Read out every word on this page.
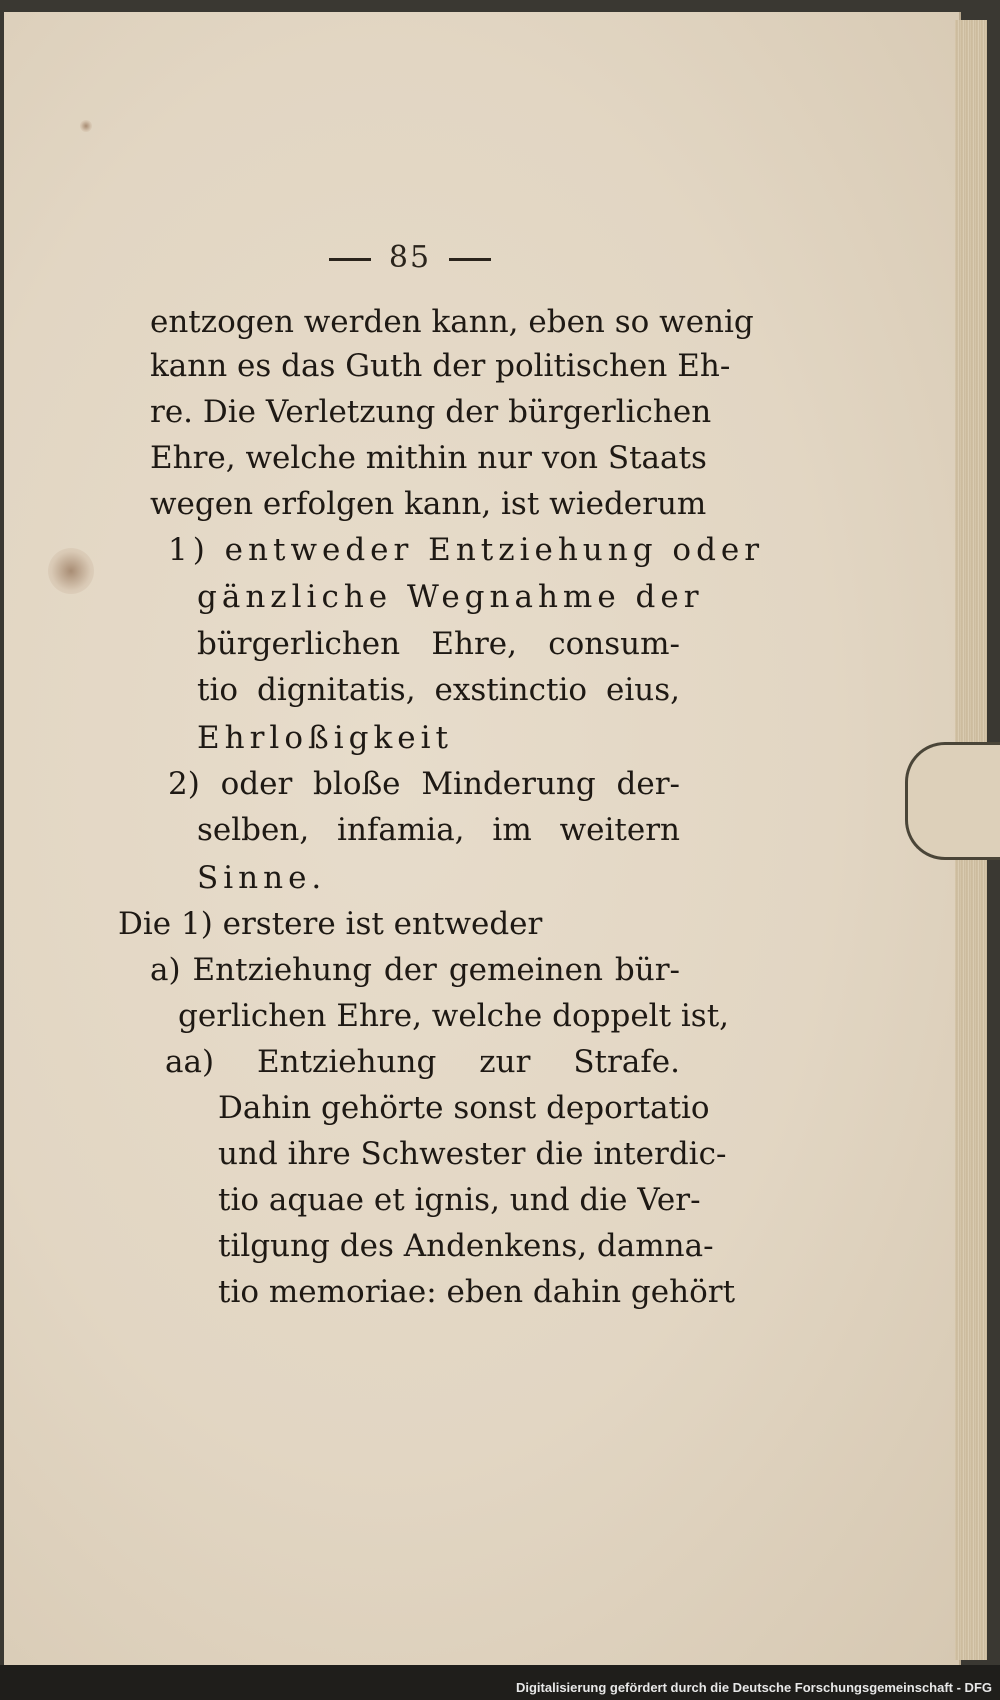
85
entzogen werden kann, eben so wenig
kann es das Guth der politischen Eh-
re. Die Verletzung der bürgerlichen
Ehre, welche mithin nur von Staats
wegen erfolgen kann, ist wiederum
1) entweder Entziehung oder
gänzliche Wegnahme der
bürgerlichen Ehre, consum-
tio dignitatis, exstinctio eius,
Ehrloßigkeit
2) oder bloße Minderung der-
selben, infamia, im weitern
Sinne.
Die 1) erstere ist entweder
a) Entziehung der gemeinen bür-
gerlichen Ehre, welche doppelt ist,
aa) Entziehung zur Strafe.
Dahin gehörte sonst deportatio
und ihre Schwester die interdic-
tio aquae et ignis, und die Ver-
tilgung des Andenkens, damna-
tio memoriae: eben dahin gehört
Digitalisierung gefördert durch die Deutsche Forschungsgemeinschaft - DFG
